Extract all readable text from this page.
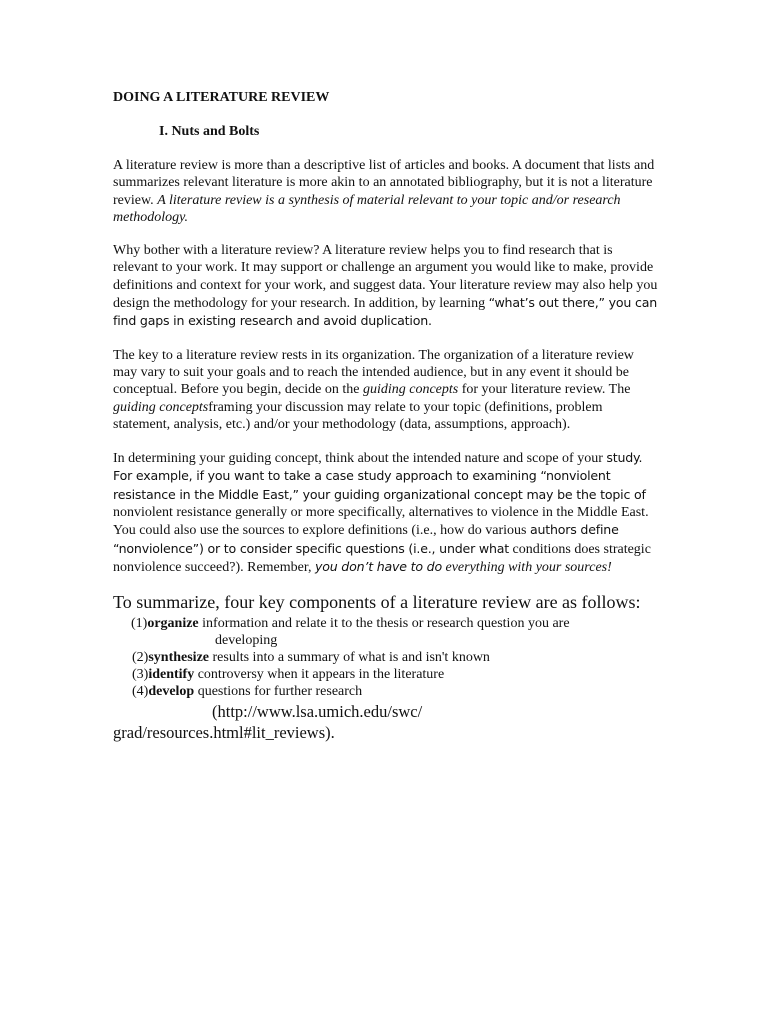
DOING A LITERATURE REVIEW
I. Nuts and Bolts

A literature review is more than a descriptive list of articles and books. A document that lists and summarizes relevant literature is more akin to an annotated bibliography, but it is not a literature review. A literature review is a synthesis of material relevant to your topic and/or research methodology.

Why bother with a literature review? A literature review helps you to find research that is relevant to your work. It may support or challenge an argument you would like to make, provide definitions and context for your work, and suggest data. Your literature review may also help you design the methodology for your research. In addition, by learning “what’s out there,” you can find gaps in existing research and avoid duplication.

The key to a literature review rests in its organization. The organization of a literature review may vary to suit your goals and to reach the intended audience, but in any event it should be conceptual. Before you begin, decide on the guiding concepts for your literature review. The guiding conceptsframing your discussion may relate to your topic (definitions, problem statement, analysis, etc.) and/or your methodology (data, assumptions, approach).

In determining your guiding concept, think about the intended nature and scope of your study. For example, if you want to take a case study approach to examining “nonviolent resistance in the Middle East,” your guiding organizational concept may be the topic of nonviolent resistance generally or more specifically, alternatives to violence in the Middle East. You could also use the sources to explore definitions (i.e., how do various authors define “nonviolence”) or to consider specific questions (i.e., under what conditions does strategic nonviolence succeed?). Remember, you don’t have to do everything with your sources!

To summarize, four key components of a literature review are as follows:

(1)organize information and relate it to the thesis or research question you are
developing
(2)synthesize results into a summary of what is and isn't known
(3)identify controversy when it appears in the literature
(4)develop questions for further research

(http://www.lsa.umich.edu/swc/
grad/resources.html#lit_reviews).
